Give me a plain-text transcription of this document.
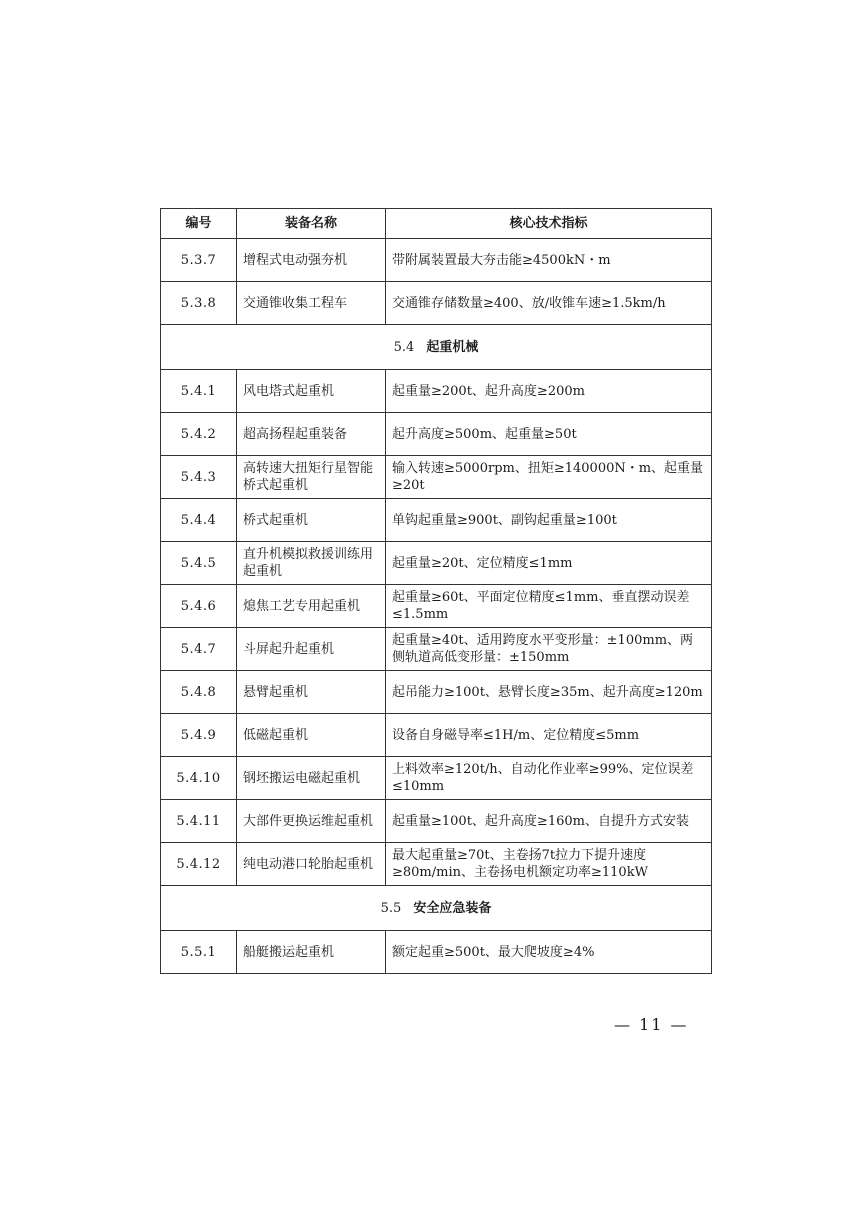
编号	装备名称	核心技术指标
5.3.7	增程式电动强夯机	带附属装置最大夯击能≥4500kN・m
5.3.8	交通锥收集工程车	交通锥存储数量≥400、放/收锥车速≥1.5km/h
5.4 起重机械		
5.4.1	风电塔式起重机	起重量≥200t、起升高度≥200m
5.4.2	超高扬程起重装备	起升高度≥500m、起重量≥50t
5.4.3	高转速大扭矩行星智能桥式起重机	输入转速≥5000rpm、扭矩≥140000N・m、起重量≥20t
5.4.4	桥式起重机	单钩起重量≥900t、副钩起重量≥100t
5.4.5	直升机模拟救援训练用起重机	起重量≥20t、定位精度≤1mm
5.4.6	熄焦工艺专用起重机	起重量≥60t、平面定位精度≤1mm、垂直摆动误差≤1.5mm
5.4.7	斗屏起升起重机	起重量≥40t、适用跨度水平变形量：±100mm、两侧轨道高低变形量：±150mm
5.4.8	悬臂起重机	起吊能力≥100t、悬臂长度≥35m、起升高度≥120m
5.4.9	低磁起重机	设备自身磁导率≤1H/m、定位精度≤5mm
5.4.10	钢坯搬运电磁起重机	上料效率≥120t/h、自动化作业率≥99%、定位误差≤10mm
5.4.11	大部件更换运维起重机	起重量≥100t、起升高度≥160m、自提升方式安装
5.4.12	纯电动港口轮胎起重机	最大起重量≥70t、主卷扬7t拉力下提升速度≥80m/min、主卷扬电机额定功率≥110kW
5.5 安全应急装备		
5.5.1	船艇搬运起重机	额定起重≥500t、最大爬坡度≥4%
— 11 —
